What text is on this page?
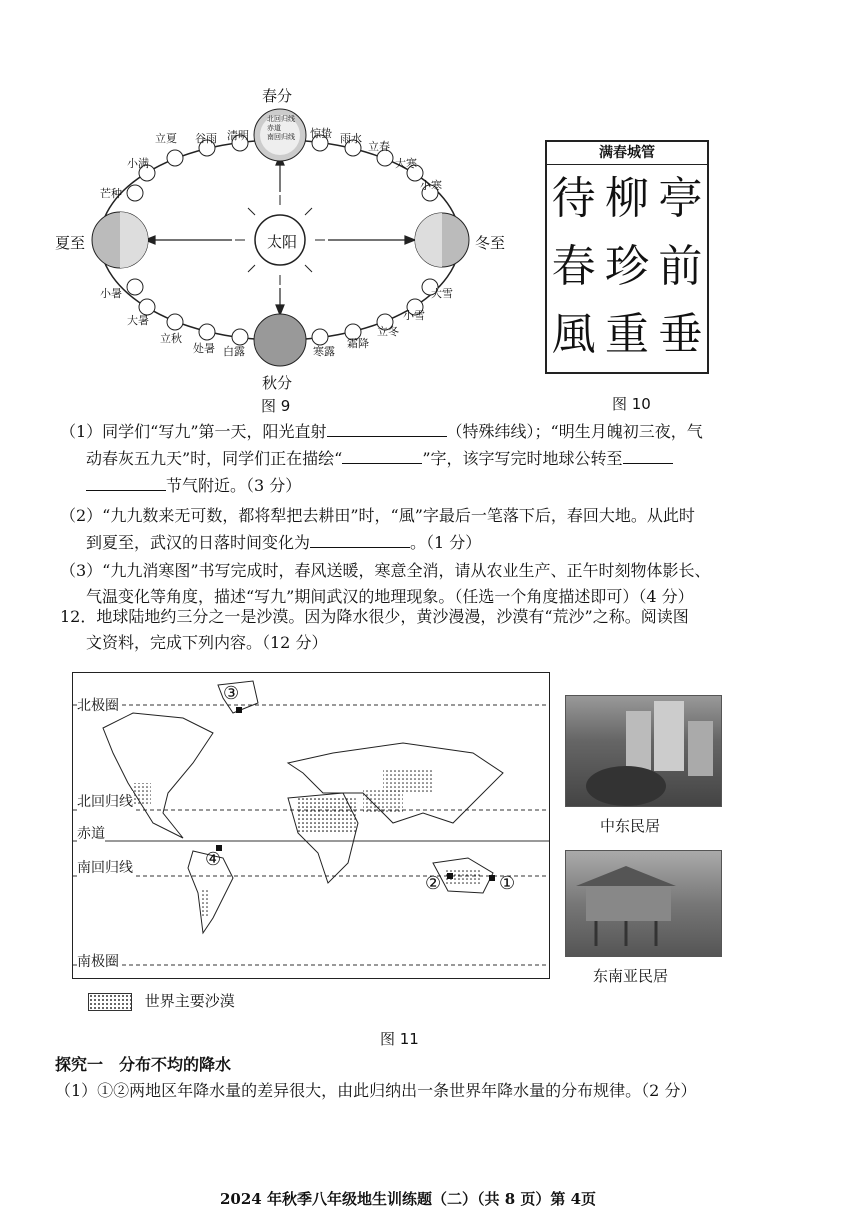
春分
秋分
夏至	冬至
太阳
立夏 谷雨 清明	惊蛰 雨水
立春
大寒
小寒
大雪
小雪
立冬
霜降
寒露
白露
处暑
立秋
大暑
小暑
芒种
小满
北回归线
赤道
南回归线
图 9
满春城管
待 柳 亭
春 珍 前
風 重 垂
图 10
（1）同学们“写九”第一天，阳光直射	（特殊纬线）；“明生月魄初三夜，气
动春灰五九天”时，同学们正在描绘“	”字，该字写完时地球公转至
节气附近。（3 分）
（2）“九九数来无可数，都将犁把去耕田”时，“風”字最后一笔落下后，春回大地。从此时
到夏至，武汉的日落时间变化为	。（1 分）
（3）“九九消寒图”书写完成时，春风送暖，寒意全消，请从农业生产、正午时刻物体影长、
气温变化等角度，描述“写九”期间武汉的地理现象。（任选一个角度描述即可）（4 分）
12．地球陆地约三分之一是沙漠。因为降水很少，黄沙漫漫，沙漠有“荒沙”之称。阅读图
文资料，完成下列内容。（12 分）
北极圈
北回归线
赤道
南回归线
南极圈
③
④
②	①
世界主要沙漠
中东民居
东南亚民居
图 11
探究一　分布不均的降水
（1）①②两地区年降水量的差异很大，由此归纳出一条世界年降水量的分布规律。（2 分）
2024 年秋季八年级地生训练题（二）（共 8 页）第 4页
